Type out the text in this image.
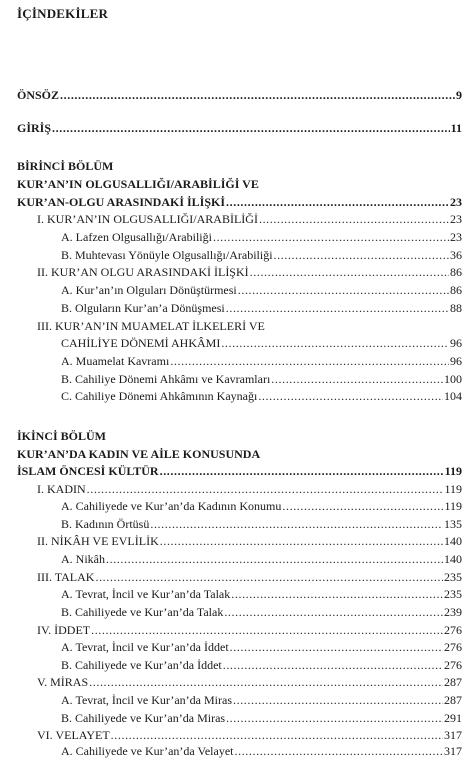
İÇİNDEKİLER
ÖNSÖZ .....	9
GİRİŞ .....	11
BİRİNCİ BÖLÜM
KUR’AN’IN OLGUSALLIĞI/ARABİLİĞİ VE
KUR’AN-OLGU ARASINDAKİ İLİŞKİ .....	23
I. KUR’AN’IN OLGUSALLIĞI/ARABİLİĞİ .....	23
A. Lafzen Olgusallığı/Arabiliği .....	23
B. Muhtevası Yönüyle Olgusallığı/Arabiliği .....	36
II. KUR’AN OLGU ARASINDAKİ İLİŞKİ .....	86
A. Kur’an’ın Olguları Dönüştürmesi .....	86
B. Olguların Kur’an’a Dönüşmesi .....	88
III. KUR’AN’IN MUAMELAT İLKELERİ VE
CAHİLİYE DÖNEMİ AHKÂMI .....	96
A. Muamelat Kavramı .....	96
B. Cahiliye Dönemi Ahkâmı ve Kavramları .....	100
C. Cahiliye Dönemi Ahkâmının Kaynağı .....	104
İKİNCİ BÖLÜM
KUR’AN’DA KADIN VE AİLE KONUSUNDA
İSLAM ÖNCESİ KÜLTÜR .....	119
I. KADIN .....	119
A. Cahiliyede ve Kur’an’da Kadının Konumu .....	119
B. Kadının Örtüsü .....	135
II. NİKÂH VE EVLİLİK .....	140
A. Nikâh .....	140
III. TALAK .....	235
A. Tevrat, İncil ve Kur’an’da Talak .....	235
B. Cahiliyede ve Kur’an’da Talak .....	239
IV. İDDET .....	276
A. Tevrat, İncil ve Kur’an’da İddet .....	276
B. Cahiliyede ve Kur’an’da İddet .....	276
V. MİRAS .....	287
A. Tevrat, İncil ve Kur’an’da Miras .....	287
B. Cahiliyede ve Kur’an’da Miras .....	291
VI. VELAYET .....	317
A. Cahiliyede ve Kur’an’da Velayet .....	317
